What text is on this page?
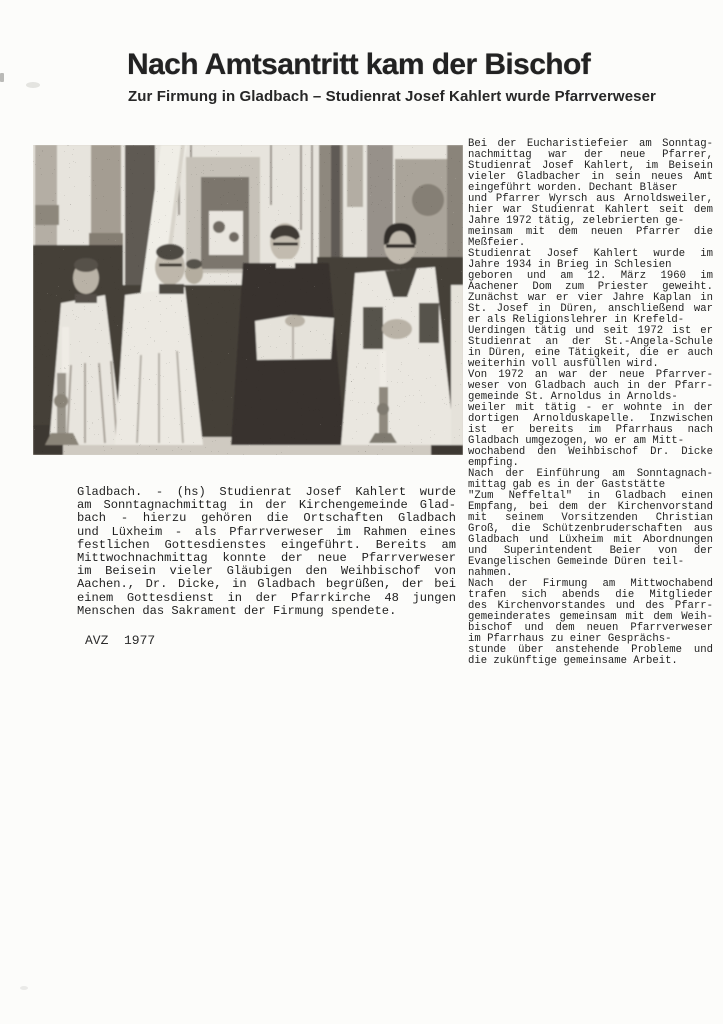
Nach Amtsantritt kam der Bischof
Zur Firmung in Gladbach – Studienrat Josef Kahlert wurde Pfarrverweser
Gladbach. - (hs) Studienrat Josef Kahlert wurde
am Sonntagnachmittag in der Kirchengemeinde Glad-
bach - hierzu gehören die Ortschaften Gladbach
und Lüxheim - als Pfarrverweser im Rahmen eines
festlichen Gottesdienstes eingeführt. Bereits am
Mittwochnachmittag konnte der neue Pfarrverweser
im Beisein vieler Gläubigen den Weihbischof von
Aachen., Dr. Dicke, in Gladbach begrüßen, der bei
einem Gottesdienst in der Pfarrkirche 48 jungen
Menschen das Sakrament der Firmung spendete.
AVZ  1977
Bei der Eucharistiefeier am Sonntag-
nachmittag war der neue Pfarrer,
Studienrat Josef Kahlert, im Beisein
vieler Gladbacher in sein neues Amt
eingeführt worden. Dechant Bläser
und Pfarrer Wyrsch aus Arnoldsweiler,
hier war Studienrat Kahlert seit dem
Jahre 1972 tätig, zelebrierten ge-
meinsam mit dem neuen Pfarrer die
Meßfeier.
Studienrat Josef Kahlert wurde im
Jahre 1934 in Brieg in Schlesien
geboren und am 12. März 1960 im
Aachener Dom zum Priester geweiht.
Zunächst war er vier Jahre Kaplan in
St. Josef in Düren, anschließend war
er als Religionslehrer in Krefeld-
Uerdingen tätig und seit 1972 ist er
Studienrat an der St.-Angela-Schule
in Düren, eine Tätigkeit, die er auch
weiterhin voll ausfüllen wird.
Von 1972 an war der neue Pfarrver-
weser von Gladbach auch in der Pfarr-
gemeinde St. Arnoldus in Arnolds-
weiler mit tätig - er wohnte in der
dortigen Arnolduskapelle. Inzwischen
ist er bereits im Pfarrhaus nach
Gladbach umgezogen, wo er am Mitt-
wochabend den Weihbischof Dr. Dicke
empfing.
Nach der Einführung am Sonntagnach-
mittag gab es in der Gaststätte
"Zum Neffeltal" in Gladbach einen
Empfang, bei dem der Kirchenvorstand
mit seinem Vorsitzenden Christian
Groß, die Schützenbruderschaften aus
Gladbach und Lüxheim mit Abordnungen
und Superintendent Beier von der
Evangelischen Gemeinde Düren teil-
nahmen.
Nach der Firmung am Mittwochabend
trafen sich abends die Mitglieder
des Kirchenvorstandes und des Pfarr-
gemeinderates gemeinsam mit dem Weih-
bischof und dem neuen Pfarrverweser
im Pfarrhaus zu einer Gesprächs-
stunde über anstehende Probleme und
die zukünftige gemeinsame Arbeit.
